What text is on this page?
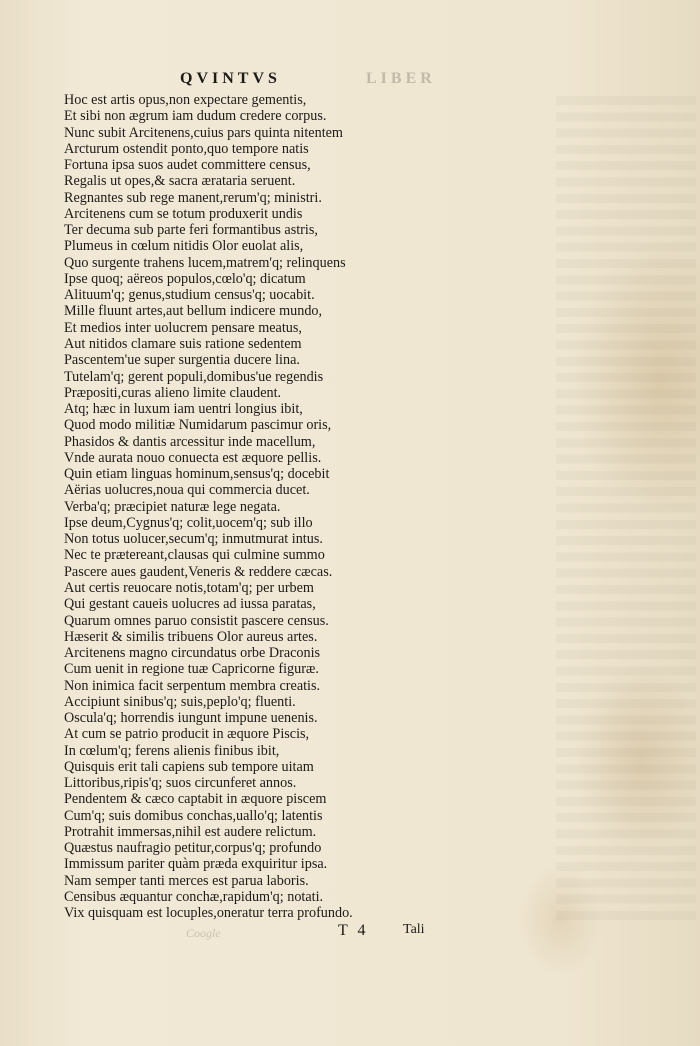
QVINTVS	LIBER
Hoc est artis opus,non expectare gementis,
Et sibi non ægrum iam dudum credere corpus.
Nunc subit Arcitenens,cuius pars quinta nitentem
Arcturum ostendit ponto,quo tempore natis
Fortuna ipsa suos audet committere census,
Regalis ut opes,& sacra ærataria seruent.
Regnantes sub rege manent,rerum'q; ministri.
Arcitenens cum se totum produxerit undis
Ter decuma sub parte feri formantibus astris,
Plumeus in cœlum nitidis Olor euolat alis,
Quo surgente trahens lucem,matrem'q; relinquens
Ipse quoq; aëreos populos,cœlo'q; dicatum
Alituum'q; genus,studium census'q; uocabit.
Mille fluunt artes,aut bellum indicere mundo,
Et medios inter uolucrem pensare meatus,
Aut nitidos clamare suis ratione sedentem
Pascentem'ue super surgentia ducere lina.
Tutelam'q; gerent populi,domibus'ue regendis
Præpositi,curas alieno limite claudent.
Atq; hæc in luxum iam uentri longius ibit,
Quod modo militiæ Numidarum pascimur oris,
Phasidos & dantis arcessitur inde macellum,
Vnde aurata nouo conuecta est æquore pellis.
Quin etiam linguas hominum,sensus'q; docebit
Aërias uolucres,noua qui commercia ducet.
Verba'q; præcipiet naturæ lege negata.
Ipse deum,Cygnus'q; colit,uocem'q; sub illo
Non totus uolucer,secum'q; inmutmurat intus.
Nec te prætereant,clausas qui culmine summo
Pascere aues gaudent,Veneris & reddere cæcas.
Aut certis reuocare notis,totam'q; per urbem
Qui gestant caueis uolucres ad iussa paratas,
Quarum omnes paruo consistit pascere census.
Hæserit & similis tribuens Olor aureus artes.
Arcitenens magno circundatus orbe Draconis
Cum uenit in regione tuæ Capricorne figuræ.
Non inimica facit serpentum membra creatis.
Accipiunt sinibus'q; suis,peplo'q; fluenti.
Oscula'q; horrendis iungunt impune uenenis.
At cum se patrio producit in æquore Piscis,
In cœlum'q; ferens alienis finibus ibit,
Quisquis erit tali capiens sub tempore uitam
Littoribus,ripis'q; suos circunferet annos.
Pendentem & cæco captabit in æquore piscem
Cum'q; suis domibus conchas,uallo'q; latentis
Protrahit immersas,nihil est audere relictum.
Quæstus naufragio petitur,corpus'q; profundo
Immissum pariter quàm præda exquiritur ipsa.
Nam semper tanti merces est parua laboris.
Censibus æquantur conchæ,rapidum'q; notati.
Vix quisquam est locuples,oneratur terra profundo.
Coogle	T 4 Tali
